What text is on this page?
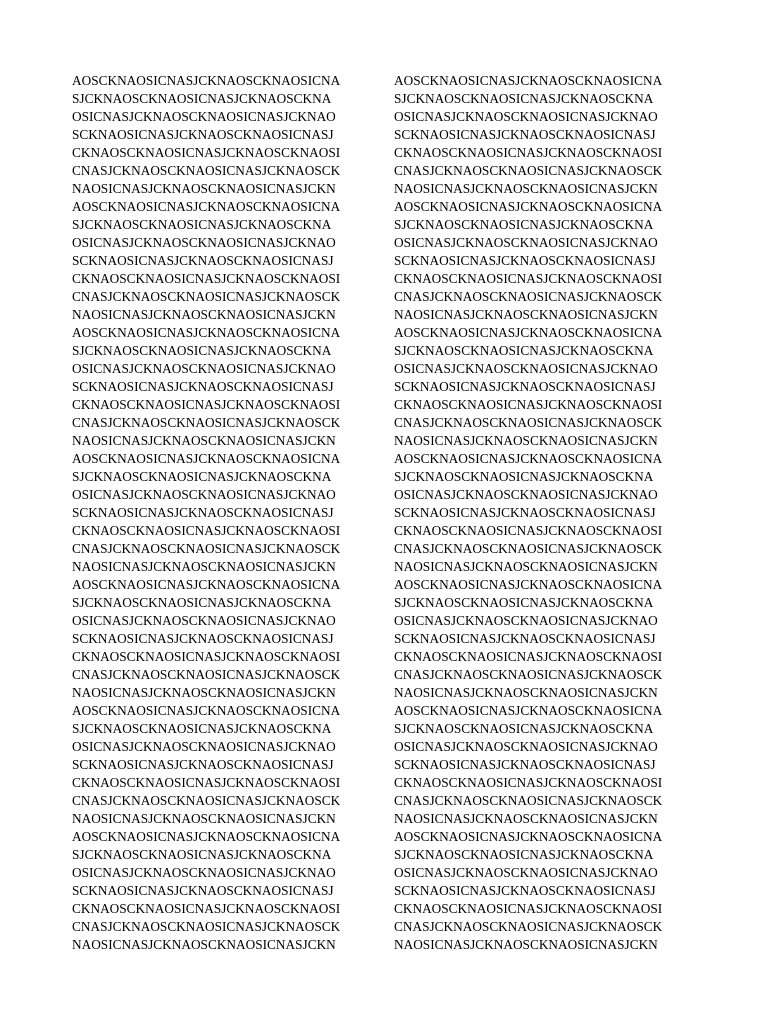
AOSCKNAOSICNASJCKNAOSCKNAOSICNA
SJCKNAOSCKNAOSICNASJCKNAOSCKNA
OSICNASJCKNAOSCKNAOSICNASJCKNAO
SCKNAOSICNASJCKNAOSCKNAOSICNASJ
CKNAOSCKNAOSICNASJCKNAOSCKNAOSI
CNASJCKNAOSCKNAOSICNASJCKNAOSCK
NAOSICNASJCKNAOSCKNAOSICNASJCKN
AOSCKNAOSICNASJCKNAOSCKNAOSICNA
SJCKNAOSCKNAOSICNASJCKNAOSCKNA
OSICNASJCKNAOSCKNAOSICNASJCKNAO
SCKNAOSICNASJCKNAOSCKNAOSICNASJ
CKNAOSCKNAOSICNASJCKNAOSCKNAOSI
CNASJCKNAOSCKNAOSICNASJCKNAOSCK
NAOSICNASJCKNAOSCKNAOSICNASJCKN
AOSCKNAOSICNASJCKNAOSCKNAOSICNA
SJCKNAOSCKNAOSICNASJCKNAOSCKNA
OSICNASJCKNAOSCKNAOSICNASJCKNAO
SCKNAOSICNASJCKNAOSCKNAOSICNASJ
CKNAOSCKNAOSICNASJCKNAOSCKNAOSI
CNASJCKNAOSCKNAOSICNASJCKNAOSCK
NAOSICNASJCKNAOSCKNAOSICNASJCKN
AOSCKNAOSICNASJCKNAOSCKNAOSICNA
SJCKNAOSCKNAOSICNASJCKNAOSCKNA
OSICNASJCKNAOSCKNAOSICNASJCKNAO
SCKNAOSICNASJCKNAOSCKNAOSICNASJ
CKNAOSCKNAOSICNASJCKNAOSCKNAOSI
CNASJCKNAOSCKNAOSICNASJCKNAOSCK
NAOSICNASJCKNAOSCKNAOSICNASJCKN
AOSCKNAOSICNASJCKNAOSCKNAOSICNA
SJCKNAOSCKNAOSICNASJCKNAOSCKNA
OSICNASJCKNAOSCKNAOSICNASJCKNAO
SCKNAOSICNASJCKNAOSCKNAOSICNASJ
CKNAOSCKNAOSICNASJCKNAOSCKNAOSI
CNASJCKNAOSCKNAOSICNASJCKNAOSCK
NAOSICNASJCKNAOSCKNAOSICNASJCKN
AOSCKNAOSICNASJCKNAOSCKNAOSICNA
SJCKNAOSCKNAOSICNASJCKNAOSCKNA
OSICNASJCKNAOSCKNAOSICNASJCKNAO
SCKNAOSICNASJCKNAOSCKNAOSICNASJ
CKNAOSCKNAOSICNASJCKNAOSCKNAOSI
CNASJCKNAOSCKNAOSICNASJCKNAOSCK
NAOSICNASJCKNAOSCKNAOSICNASJCKN
AOSCKNAOSICNASJCKNAOSCKNAOSICNA
SJCKNAOSCKNAOSICNASJCKNAOSCKNA
OSICNASJCKNAOSCKNAOSICNASJCKNAO
SCKNAOSICNASJCKNAOSCKNAOSICNASJ
CKNAOSCKNAOSICNASJCKNAOSCKNAOSI
CNASJCKNAOSCKNAOSICNASJCKNAOSCK
NAOSICNASJCKNAOSCKNAOSICNASJCKN
AOSCKNAOSICNASJCKNAOSCKNAOSICNA
SJCKNAOSCKNAOSICNASJCKNAOSCKNA
OSICNASJCKNAOSCKNAOSICNASJCKNAO
SCKNAOSICNASJCKNAOSCKNAOSICNASJ
CKNAOSCKNAOSICNASJCKNAOSCKNAOSI
CNASJCKNAOSCKNAOSICNASJCKNAOSCK
NAOSICNASJCKNAOSCKNAOSICNASJCKN
AOSCKNAOSICNASJCKNAOSCKNAOSICNA
SJCKNAOSCKNAOSICNASJCKNAOSCKNA
OSICNASJCKNAOSCKNAOSICNASJCKNAO
SCKNAOSICNASJCKNAOSCKNAOSICNASJ
CKNAOSCKNAOSICNASJCKNAOSCKNAOSI
CNASJCKNAOSCKNAOSICNASJCKNAOSCK
NAOSICNASJCKNAOSCKNAOSICNASJCKN
AOSCKNAOSICNASJCKNAOSCKNAOSICNA
SJCKNAOSCKNAOSICNASJCKNAOSCKNA
OSICNASJCKNAOSCKNAOSICNASJCKNAO
SCKNAOSICNASJCKNAOSCKNAOSICNASJ
CKNAOSCKNAOSICNASJCKNAOSCKNAOSI
CNASJCKNAOSCKNAOSICNASJCKNAOSCK
NAOSICNASJCKNAOSCKNAOSICNASJCKN
AOSCKNAOSICNASJCKNAOSCKNAOSICNA
SJCKNAOSCKNAOSICNASJCKNAOSCKNA
OSICNASJCKNAOSCKNAOSICNASJCKNAO
SCKNAOSICNASJCKNAOSCKNAOSICNASJ
CKNAOSCKNAOSICNASJCKNAOSCKNAOSI
CNASJCKNAOSCKNAOSICNASJCKNAOSCK
NAOSICNASJCKNAOSCKNAOSICNASJCKN
AOSCKNAOSICNASJCKNAOSCKNAOSICNA
SJCKNAOSCKNAOSICNASJCKNAOSCKNA
OSICNASJCKNAOSCKNAOSICNASJCKNAO
SCKNAOSICNASJCKNAOSCKNAOSICNASJ
CKNAOSCKNAOSICNASJCKNAOSCKNAOSI
CNASJCKNAOSCKNAOSICNASJCKNAOSCK
NAOSICNASJCKNAOSCKNAOSICNASJCKN
AOSCKNAOSICNASJCKNAOSCKNAOSICNA
SJCKNAOSCKNAOSICNASJCKNAOSCKNA
OSICNASJCKNAOSCKNAOSICNASJCKNAO
SCKNAOSICNASJCKNAOSCKNAOSICNASJ
CKNAOSCKNAOSICNASJCKNAOSCKNAOSI
CNASJCKNAOSCKNAOSICNASJCKNAOSCK
NAOSICNASJCKNAOSCKNAOSICNASJCKN
AOSCKNAOSICNASJCKNAOSCKNAOSICNA
SJCKNAOSCKNAOSICNASJCKNAOSCKNA
OSICNASJCKNAOSCKNAOSICNASJCKNAO
SCKNAOSICNASJCKNAOSCKNAOSICNASJ
CKNAOSCKNAOSICNASJCKNAOSCKNAOSI
CNASJCKNAOSCKNAOSICNASJCKNAOSCK
NAOSICNASJCKNAOSCKNAOSICNASJCKN
